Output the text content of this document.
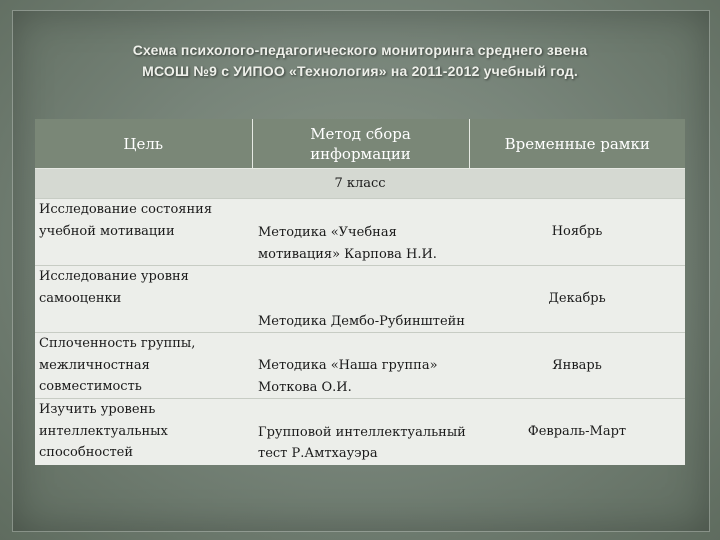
Схема психолого-педагогического мониторинга среднего звена
МСОШ №9 с УИПОО «Технология» на 2011-2012 учебный год.
Цель	Метод сбора информации	Временные рамки
7 класс		
Исследование состояния учебной мотивации	Методика «Учебная мотивация» Карпова Н.И.	Ноябрь
Исследование уровня самооценки	Методика Дембо-Рубинштейн	Декабрь
Сплоченность группы, межличностная совместимость	Методика «Наша группа» Моткова О.И.	Январь
Изучить уровень интеллектуальных способностей	Групповой интеллектуальный тест Р.Амтхауэра	Февраль-Март
